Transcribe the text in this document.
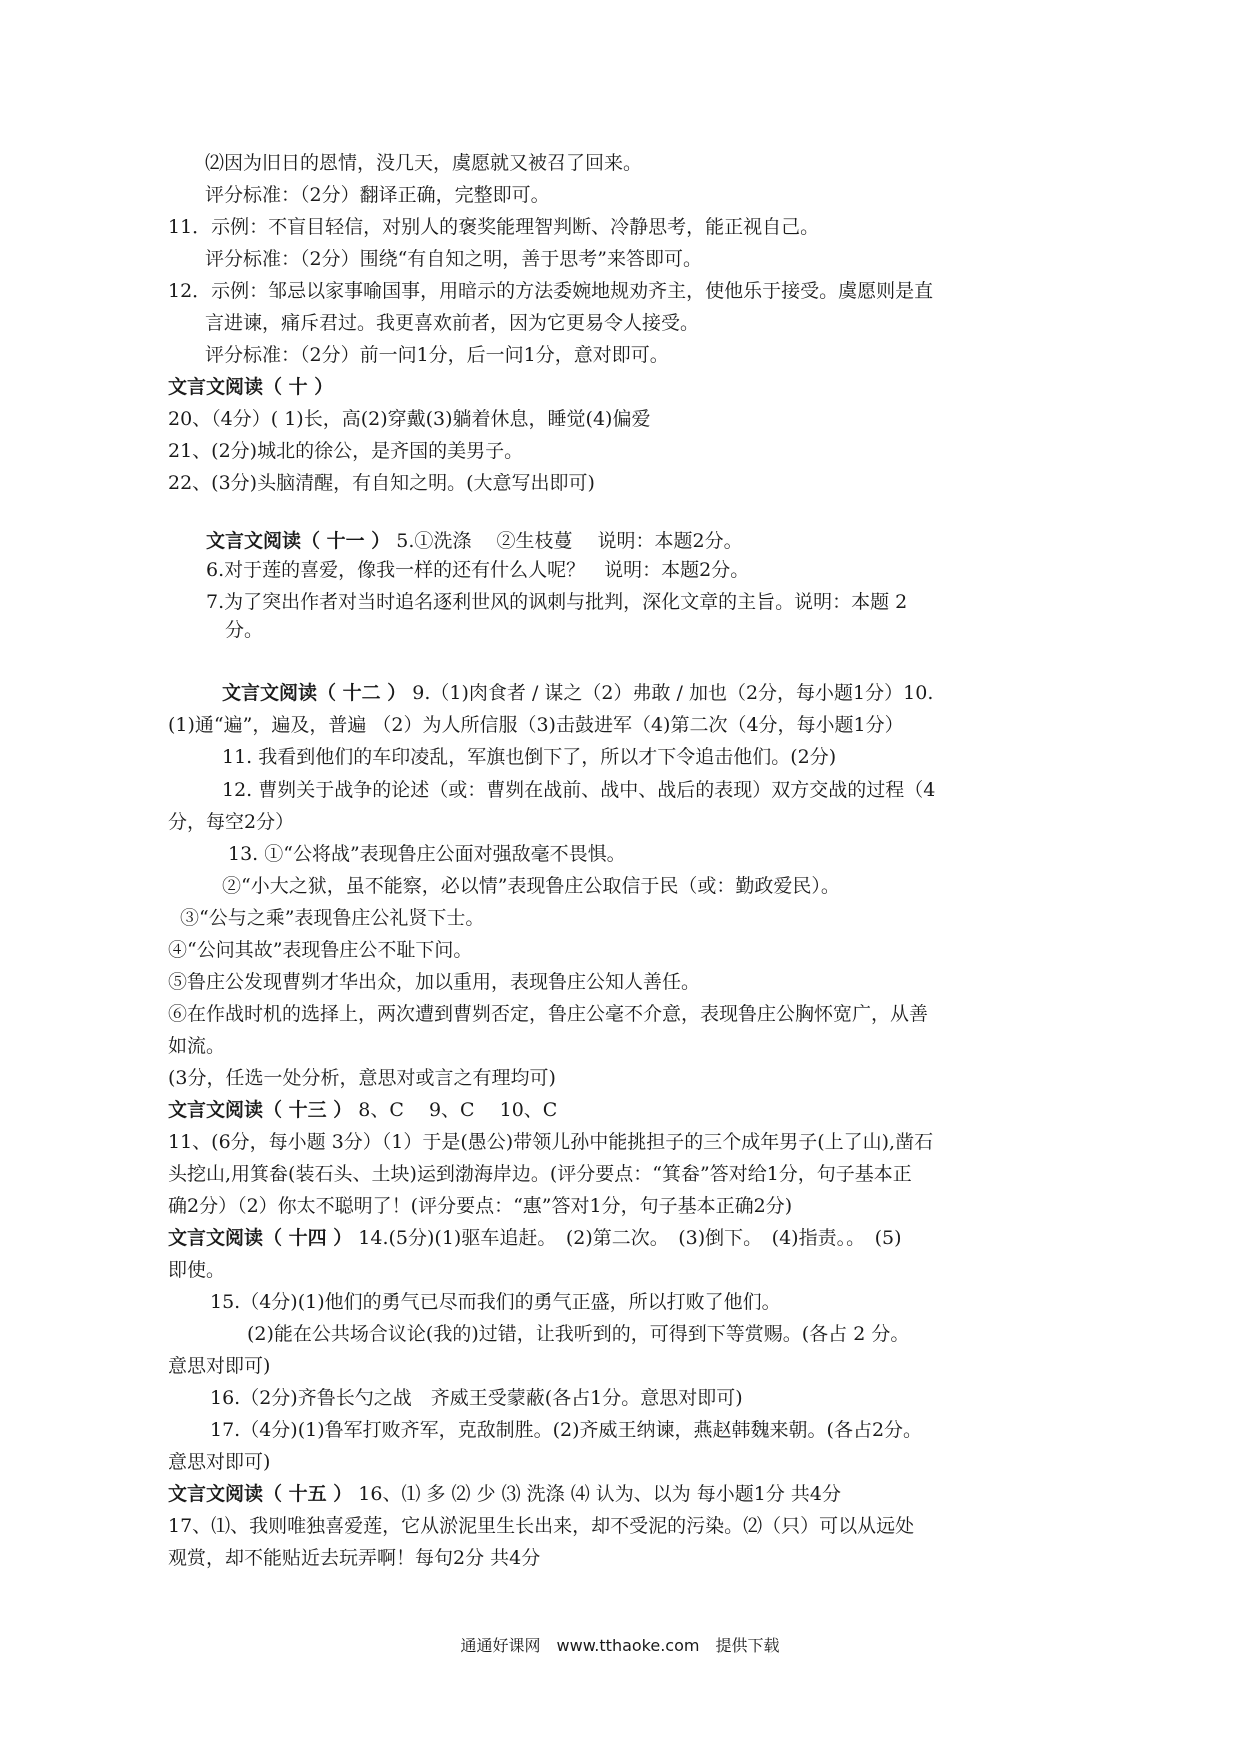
⑵因为旧日的恩情，没几天，虞愿就又被召了回来。
评分标准：（2分）翻译正确，完整即可。
11．示例：不盲目轻信，对别人的褒奖能理智判断、冷静思考，能正视自己。
评分标准：（2分）围绕“有自知之明，善于思考”来答即可。
12．示例：邹忌以家事喻国事，用暗示的方法委婉地规劝齐主，使他乐于接受。虞愿则是直
言进谏，痛斥君过。我更喜欢前者，因为它更易令人接受。
评分标准：（2分）前一问1分，后一问1分，意对即可。
文言文阅读（ 十 ）
20、（4分）( 1)长，高(2)穿戴(3)躺着休息，睡觉(4)偏爱
21、(2分)城北的徐公，是齐国的美男子。
22、(3分)头脑清醒，有自知之明。(大意写出即可)
文言文阅读（ 十一 ） 5.①洗涤　 ②生枝蔓　 说明：本题2分。
6.对于莲的喜爱，像我一样的还有什么人呢？　说明：本题2分。
7.为了突出作者对当时追名逐利世风的讽刺与批判，深化文章的主旨。说明：本题 2
分。
文言文阅读（ 十二 ） 9.（1)肉食者 / 谋之（2）弗敢 / 加也（2分，每小题1分）10.
(1)通“遍”，遍及，普遍 （2）为人所信服（3)击鼓进军（4)第二次（4分，每小题1分）
11. 我看到他们的车印凌乱，军旗也倒下了，所以才下令追击他们。(2分)
12. 曹刿关于战争的论述（或：曹刿在战前、战中、战后的表现）双方交战的过程（4
分，每空2分）
13. ①“公将战”表现鲁庄公面对强敌毫不畏惧。
②“小大之狱，虽不能察，必以情”表现鲁庄公取信于民（或：勤政爱民）。
③“公与之乘”表现鲁庄公礼贤下士。
④“公问其故”表现鲁庄公不耻下问。
⑤鲁庄公发现曹刿才华出众，加以重用，表现鲁庄公知人善任。
⑥在作战时机的选择上，两次遭到曹刿否定，鲁庄公毫不介意，表现鲁庄公胸怀宽广，从善
如流。
(3分，任选一处分析，意思对或言之有理均可)
文言文阅读（ 十三 ） 8、C　 9、C　 10、C
11、(6分，每小题 3分）（1）于是(愚公)带领儿孙中能挑担子的三个成年男子(上了山),凿石
头挖山,用箕畚(装石头、土块)运到渤海岸边。(评分要点：“箕畚”答对给1分，句子基本正
确2分）（2）你太不聪明了！(评分要点：“惠”答对1分，句子基本正确2分)
文言文阅读（ 十四 ） 14.(5分)(1)驱车追赶。　(2)第二次。　(3)倒下。　(4)指责。。　(5)
即使。
15.（4分)(1)他们的勇气已尽而我们的勇气正盛，所以打败了他们。
(2)能在公共场合议论(我的)过错，让我听到的，可得到下等赏赐。(各占 2 分。
意思对即可)
16.（2分)齐鲁长勺之战　齐威王受蒙蔽(各占1分。意思对即可)
17.（4分)(1)鲁军打败齐军，克敌制胜。(2)齐威王纳谏，燕赵韩魏来朝。(各占2分。
意思对即可)
文言文阅读（ 十五 ） 16、⑴ 多 ⑵ 少 ⑶ 洗涤 ⑷ 认为、以为 每小题1分 共4分
17、⑴、我则唯独喜爱莲，它从淤泥里生长出来，却不受泥的污染。⑵（只）可以从远处
观赏，却不能贴近去玩弄啊！每句2分 共4分
通通好课网　www.tthaoke.com　提供下载
